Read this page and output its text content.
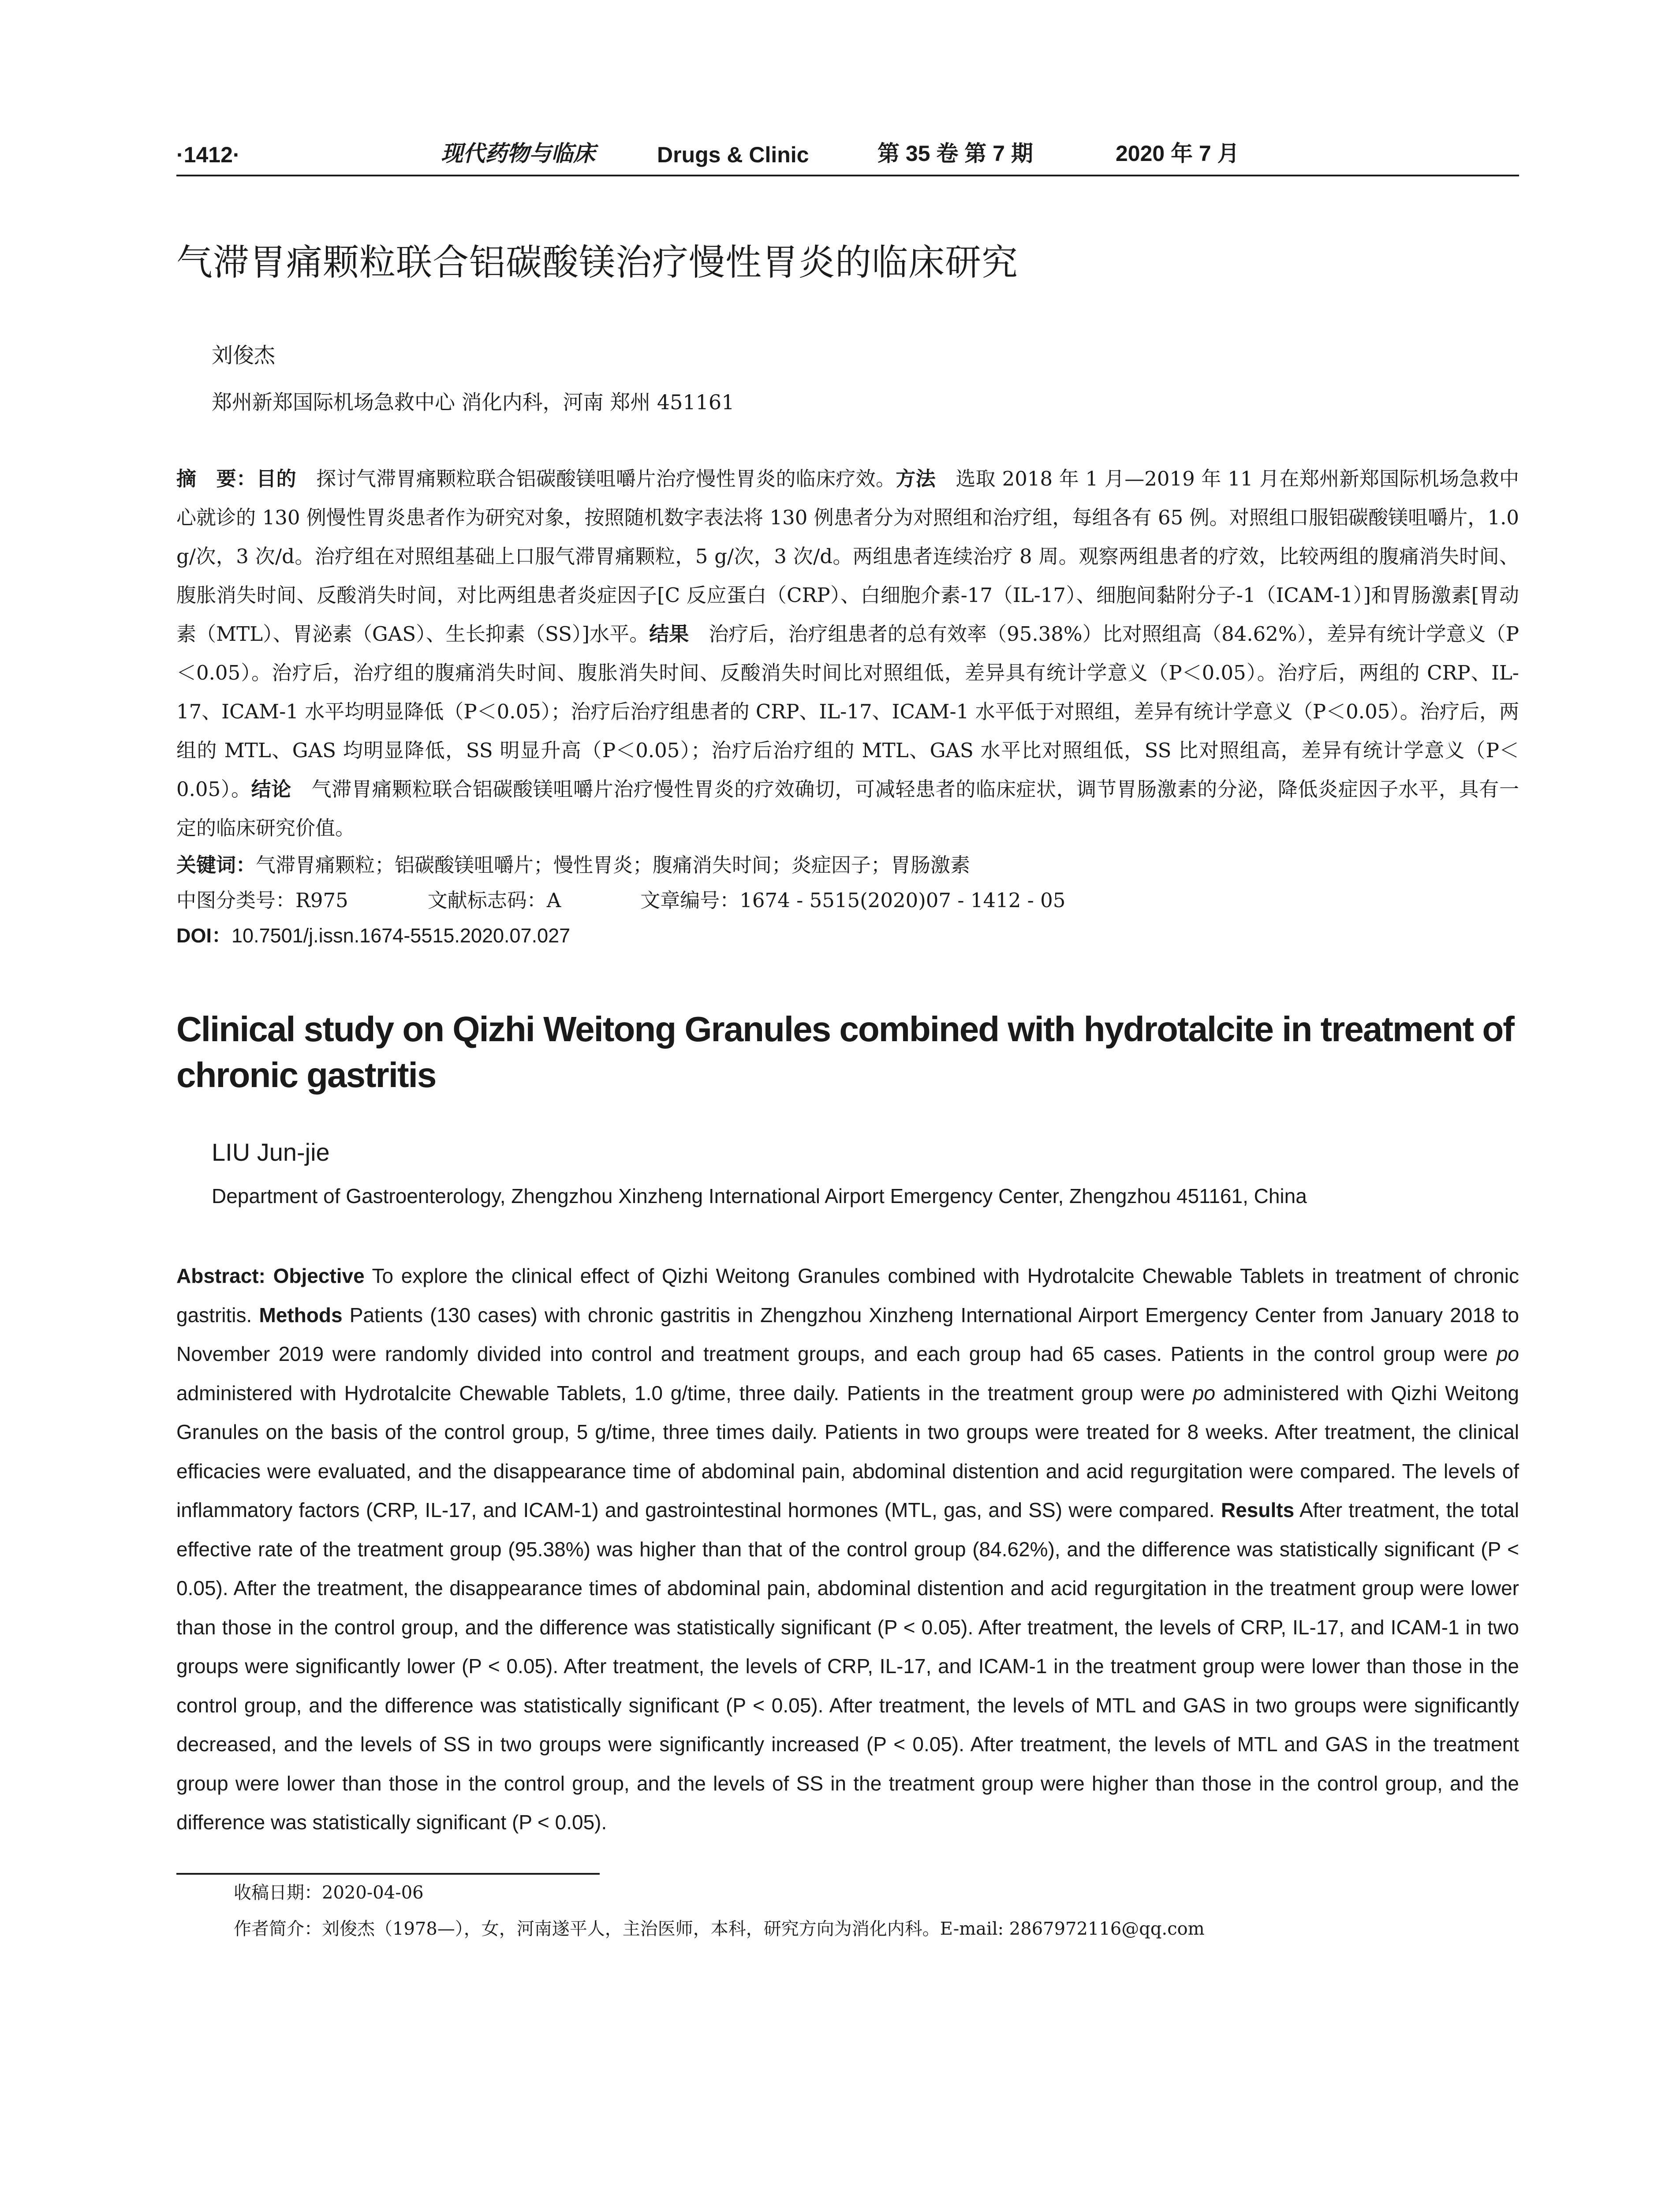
·1412·	现代药物与临床	Drugs & Clinic	第 35 卷 第 7 期	2020 年 7 月
气滞胃痛颗粒联合铝碳酸镁治疗慢性胃炎的临床研究
刘俊杰
郑州新郑国际机场急救中心 消化内科，河南 郑州 451161
摘　要：目的　探讨气滞胃痛颗粒联合铝碳酸镁咀嚼片治疗慢性胃炎的临床疗效。方法　选取 2018 年 1 月—2019 年 11 月在郑州新郑国际机场急救中心就诊的 130 例慢性胃炎患者作为研究对象，按照随机数字表法将 130 例患者分为对照组和治疗组，每组各有 65 例。对照组口服铝碳酸镁咀嚼片，1.0 g/次，3 次/d。治疗组在对照组基础上口服气滞胃痛颗粒，5 g/次，3 次/d。两组患者连续治疗 8 周。观察两组患者的疗效，比较两组的腹痛消失时间、腹胀消失时间、反酸消失时间，对比两组患者炎症因子[C 反应蛋白（CRP）、白细胞介素-17（IL-17）、细胞间黏附分子-1（ICAM-1）]和胃肠激素[胃动素（MTL）、胃泌素（GAS）、生长抑素（SS）]水平。结果　治疗后，治疗组患者的总有效率（95.38%）比对照组高（84.62%），差异有统计学意义（P＜0.05）。治疗后，治疗组的腹痛消失时间、腹胀消失时间、反酸消失时间比对照组低，差异具有统计学意义（P＜0.05）。治疗后，两组的 CRP、IL-17、ICAM-1 水平均明显降低（P＜0.05）；治疗后治疗组患者的 CRP、IL-17、ICAM-1 水平低于对照组，差异有统计学意义（P＜0.05）。治疗后，两组的 MTL、GAS 均明显降低，SS 明显升高（P＜0.05）；治疗后治疗组的 MTL、GAS 水平比对照组低，SS 比对照组高，差异有统计学意义（P＜0.05）。结论　气滞胃痛颗粒联合铝碳酸镁咀嚼片治疗慢性胃炎的疗效确切，可减轻患者的临床症状，调节胃肠激素的分泌，降低炎症因子水平，具有一定的临床研究价值。
关键词：气滞胃痛颗粒；铝碳酸镁咀嚼片；慢性胃炎；腹痛消失时间；炎症因子；胃肠激素
中图分类号：R975	文献标志码：A	文章编号：1674 - 5515(2020)07 - 1412 - 05
DOI：10.7501/j.issn.1674-5515.2020.07.027
Clinical study on Qizhi Weitong Granules combined with hydrotalcite in treatment of chronic gastritis
LIU Jun-jie
Department of Gastroenterology, Zhengzhou Xinzheng International Airport Emergency Center, Zhengzhou 451161, China
Abstract: Objective To explore the clinical effect of Qizhi Weitong Granules combined with Hydrotalcite Chewable Tablets in treatment of chronic gastritis. Methods Patients (130 cases) with chronic gastritis in Zhengzhou Xinzheng International Airport Emergency Center from January 2018 to November 2019 were randomly divided into control and treatment groups, and each group had 65 cases. Patients in the control group were po administered with Hydrotalcite Chewable Tablets, 1.0 g/time, three daily. Patients in the treatment group were po administered with Qizhi Weitong Granules on the basis of the control group, 5 g/time, three times daily. Patients in two groups were treated for 8 weeks. After treatment, the clinical efficacies were evaluated, and the disappearance time of abdominal pain, abdominal distention and acid regurgitation were compared. The levels of inflammatory factors (CRP, IL-17, and ICAM-1) and gastrointestinal hormones (MTL, gas, and SS) were compared. Results After treatment, the total effective rate of the treatment group (95.38%) was higher than that of the control group (84.62%), and the difference was statistically significant (P < 0.05). After the treatment, the disappearance times of abdominal pain, abdominal distention and acid regurgitation in the treatment group were lower than those in the control group, and the difference was statistically significant (P < 0.05). After treatment, the levels of CRP, IL-17, and ICAM-1 in two groups were significantly lower (P < 0.05). After treatment, the levels of CRP, IL-17, and ICAM-1 in the treatment group were lower than those in the control group, and the difference was statistically significant (P < 0.05). After treatment, the levels of MTL and GAS in two groups were significantly decreased, and the levels of SS in two groups were significantly increased (P < 0.05). After treatment, the levels of MTL and GAS in the treatment group were lower than those in the control group, and the levels of SS in the treatment group were higher than those in the control group, and the difference was statistically significant (P < 0.05).
收稿日期：2020-04-06
作者简介：刘俊杰（1978—），女，河南遂平人，主治医师，本科，研究方向为消化内科。E-mail: 2867972116@qq.com
